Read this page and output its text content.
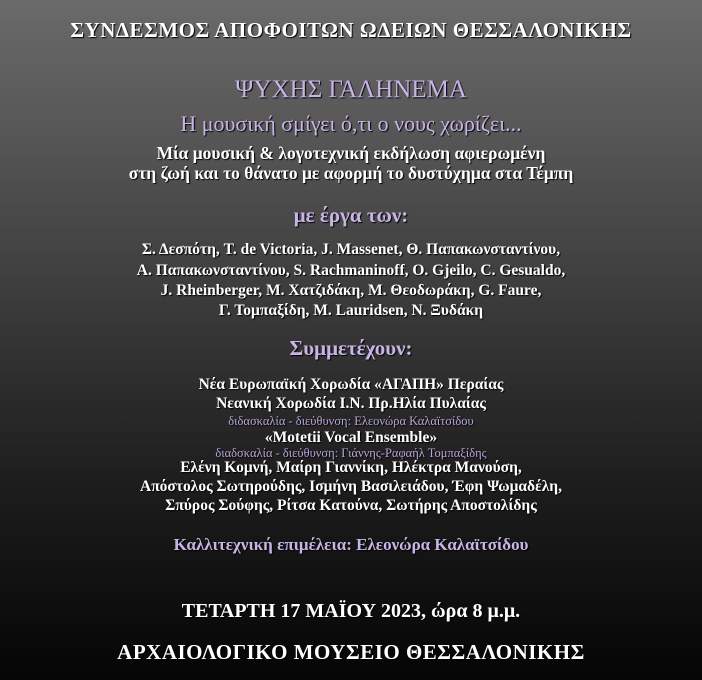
ΣΥΝΔΕΣΜΟΣ ΑΠΟΦΟΙΤΩΝ ΩΔΕΙΩΝ ΘΕΣΣΑΛΟΝΙΚΗΣ
ΨΥΧΗΣ ΓΑΛΗΝΕΜΑ
Η μουσική σμίγει ό,τι ο νους χωρίζει...
Μία μουσική & λογοτεχνική εκδήλωση αφιερωμένη
στη ζωή και το θάνατο με αφορμή το δυστύχημα στα Τέμπη
με έργα των:
Σ. Δεσπότη, T. de Victoria, J. Massenet, Θ. Παπακωνσταντίνου,
Α. Παπακωνσταντίνου, S. Rachmaninoff, O. Gjeilo, C. Gesualdo,
J. Rheinberger, M. Χατζιδάκη, M. Θεοδωράκη, G. Faure,
Γ. Τομπαξίδη, M. Lauridsen, N. Ξυδάκη
Συμμετέχουν:
Νέα Ευρωπαϊκή Χορωδία «ΑΓΑΠΗ» Περαίας
Νεανική Χορωδία Ι.Ν. Πρ.Ηλία Πυλαίας
διδασκαλία - διεύθυνση: Ελεονώρα Καλαϊτσίδου
«Motetii Vocal Ensemble»
διαδσκαλία - διεύθυνση: Γιάννης-Ραφαήλ Τομπαξίδης
Ελένη Κομνή, Μαίρη Γιαννίκη, Ηλέκτρα Μανούση,
Απόστολος Σωτηρούδης, Ισμήνη Βασιλειάδου, Έφη Ψωμαδέλη,
Σπύρος Σούφης, Ρίτσα Κατούνα, Σωτήρης Αποστολίδης
Καλλιτεχνική επιμέλεια: Ελεονώρα Καλαϊτσίδου
ΤΕΤΑΡΤΗ 17 ΜΑΪΟΥ 2023, ώρα 8 μ.μ.
ΑΡΧΑΙΟΛΟΓΙΚΟ ΜΟΥΣΕΙΟ ΘΕΣΣΑΛΟΝΙΚΗΣ
